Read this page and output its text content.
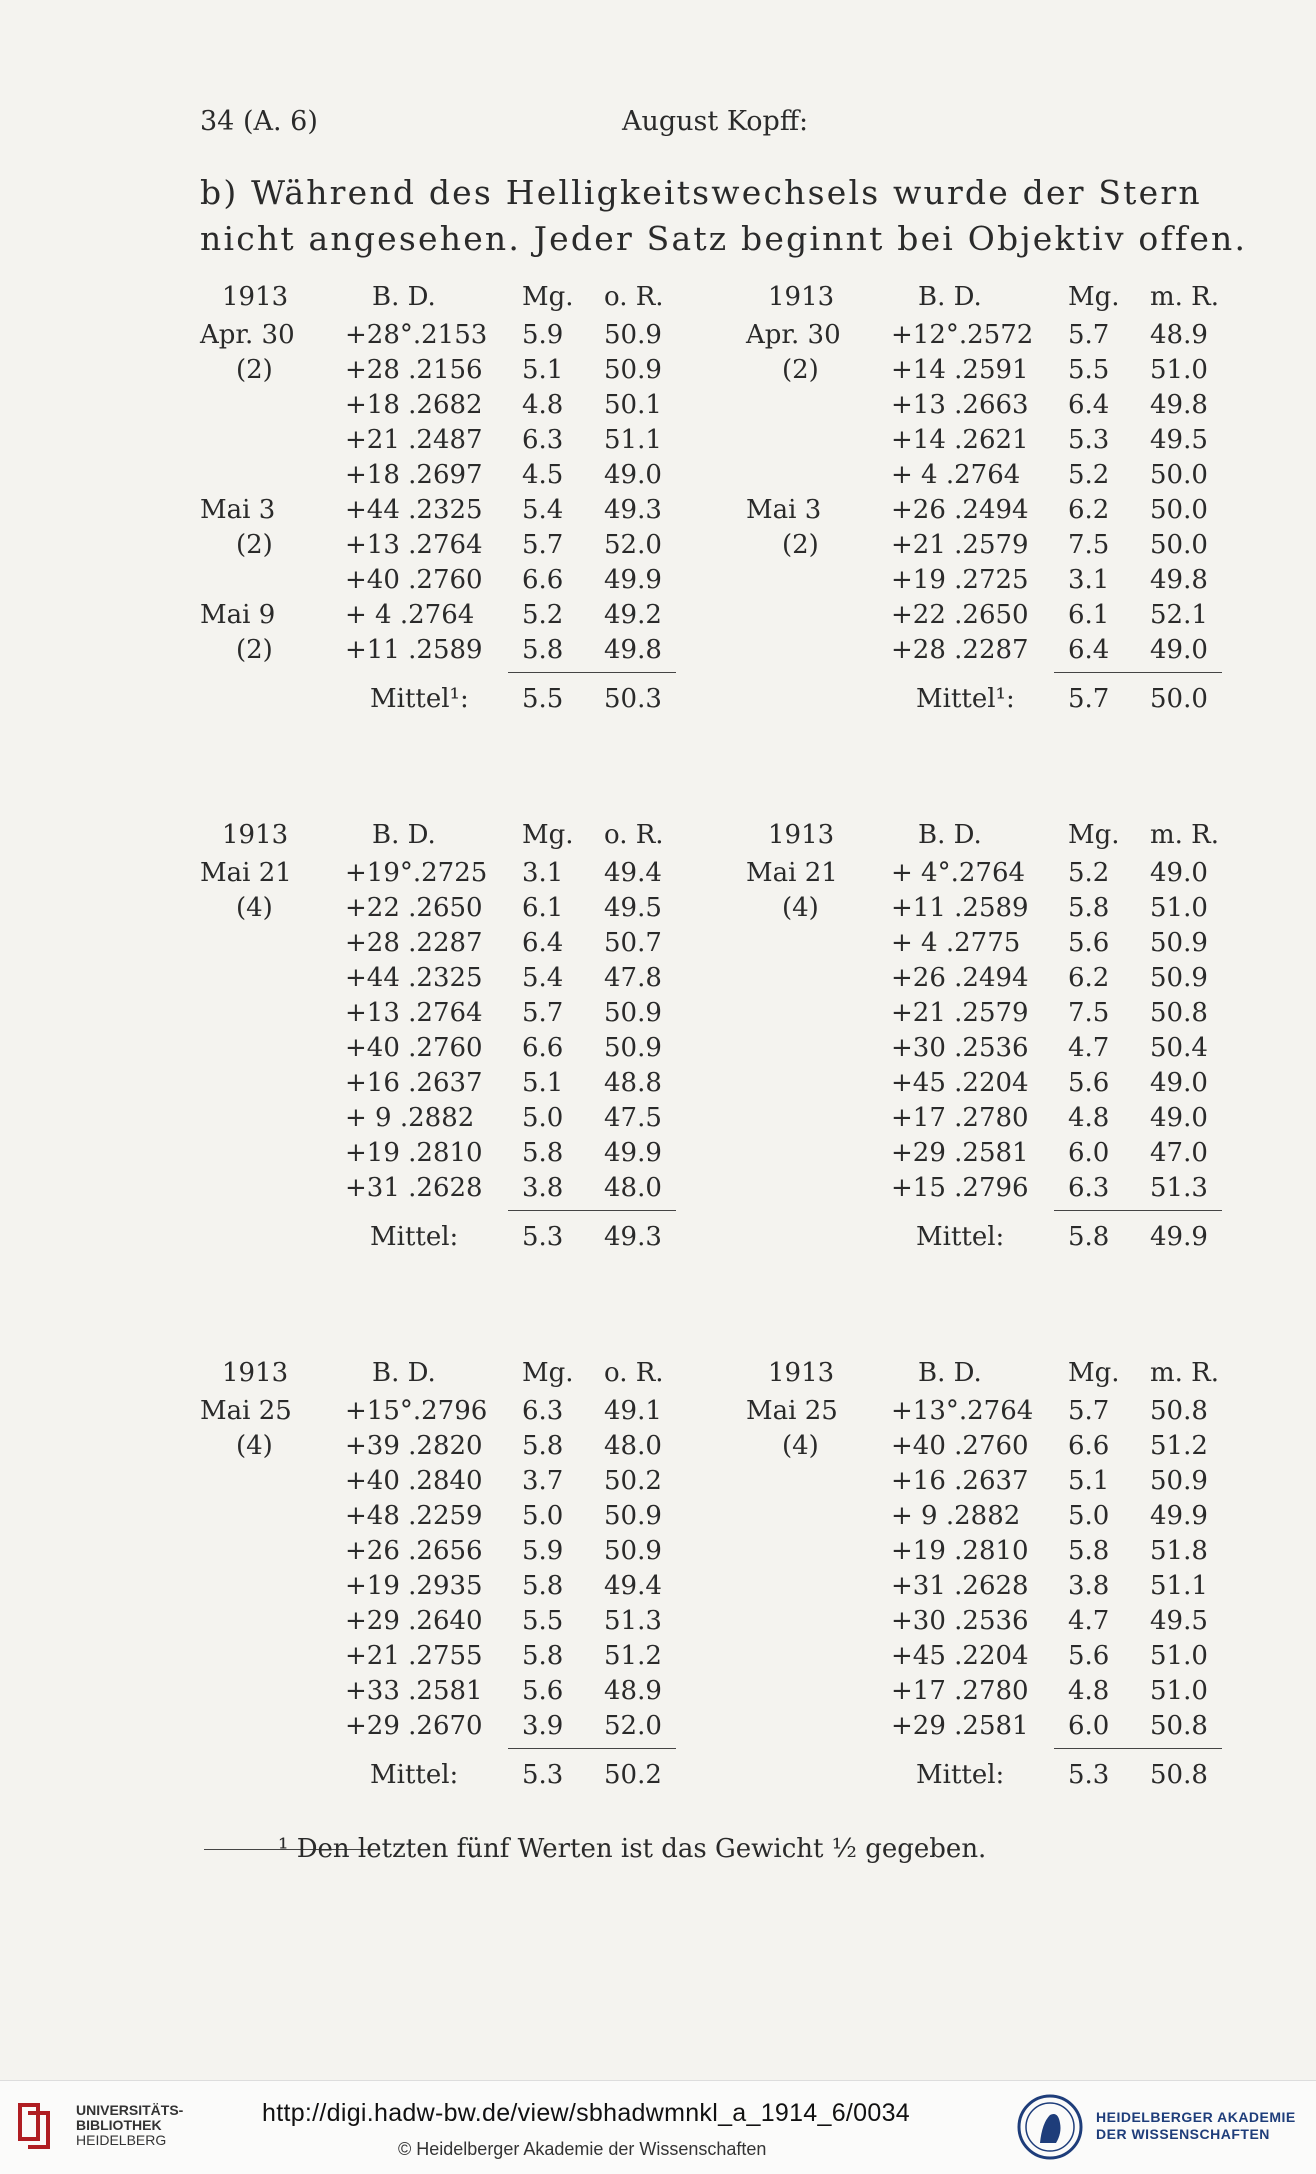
34 (A. 6)	August Kopff:

b) Während des Helligkeitswechsels wurde der Stern

nicht angesehen. Jeder Satz beginnt bei Objektiv offen.

1913	B. D.	Mg. o. R.
Apr. 30 +28°.2153 5.9 50.9
(2)	+28 .2156 5.1 50.9
+18 .2682 4.8 50.1
+21 .2487 6.3 51.1
+18 .2697 4.5 49.0
Mai 3	+44 .2325 5.4 49.3
(2)	+13 .2764 5.7 52.0
+40 .2760 6.6 49.9
Mai 9	+ 4 .2764 5.2 49.2
(2)	+11 .2589 5.8 49.8
Mittel¹: 5.5 50.3
1913	B. D.	Mg. m. R.
Apr. 30 +12°.2572 5.7 48.9
(2)	+14 .2591 5.5 51.0
+13 .2663 6.4 49.8
+14 .2621 5.3 49.5
+ 4 .2764 5.2 50.0
Mai 3	+26 .2494 6.2 50.0
(2)	+21 .2579 7.5 50.0
+19 .2725 3.1 49.8
+22 .2650 6.1 52.1
+28 .2287 6.4 49.0
Mittel¹: 5.7 50.0
1913	B. D.	Mg. o. R.
Mai 21 +19°.2725 3.1 49.4
(4)	+22 .2650 6.1 49.5
+28 .2287 6.4 50.7
+44 .2325 5.4 47.8
+13 .2764 5.7 50.9
+40 .2760 6.6 50.9
+16 .2637 5.1 48.8
+ 9 .2882 5.0 47.5
+19 .2810 5.8 49.9
+31 .2628 3.8 48.0
Mittel: 5.3 49.3
1913	B. D.	Mg. m. R.
Mai 21 + 4°.2764 5.2 49.0
(4)	+11 .2589 5.8 51.0
+ 4 .2775 5.6 50.9
+26 .2494 6.2 50.9
+21 .2579 7.5 50.8
+30 .2536 4.7 50.4
+45 .2204 5.6 49.0
+17 .2780 4.8 49.0
+29 .2581 6.0 47.0
+15 .2796 6.3 51.3
Mittel: 5.8 49.9
1913	B. D.	Mg. o. R.
Mai 25 +15°.2796 6.3 49.1
(4)	+39 .2820 5.8 48.0
+40 .2840 3.7 50.2
+48 .2259 5.0 50.9
+26 .2656 5.9 50.9
+19 .2935 5.8 49.4
+29 .2640 5.5 51.3
+21 .2755 5.8 51.2
+33 .2581 5.6 48.9
+29 .2670 3.9 52.0
Mittel: 5.3 50.2
1913	B. D.	Mg. m. R.
Mai 25 +13°.2764 5.7 50.8
(4)	+40 .2760 6.6 51.2
+16 .2637 5.1 50.9
+ 9 .2882 5.0 49.9
+19 .2810 5.8 51.8
+31 .2628 3.8 51.1
+30 .2536 4.7 49.5
+45 .2204 5.6 51.0
+17 .2780 4.8 51.0
+29 .2581 6.0 50.8
Mittel: 5.3 50.8
¹ Den letzten fünf Werten ist das Gewicht ½ gegeben.
UNIVERSITÄTS-
BIBLIOTHEK
HEIDELBERG
http://digi.hadw-bw.de/view/sbhadwmnkl_a_1914_6/0034
© Heidelberger Akademie der Wissenschaften
HEIDELBERGER AKADEMIE
DER WISSENSCHAFTEN
